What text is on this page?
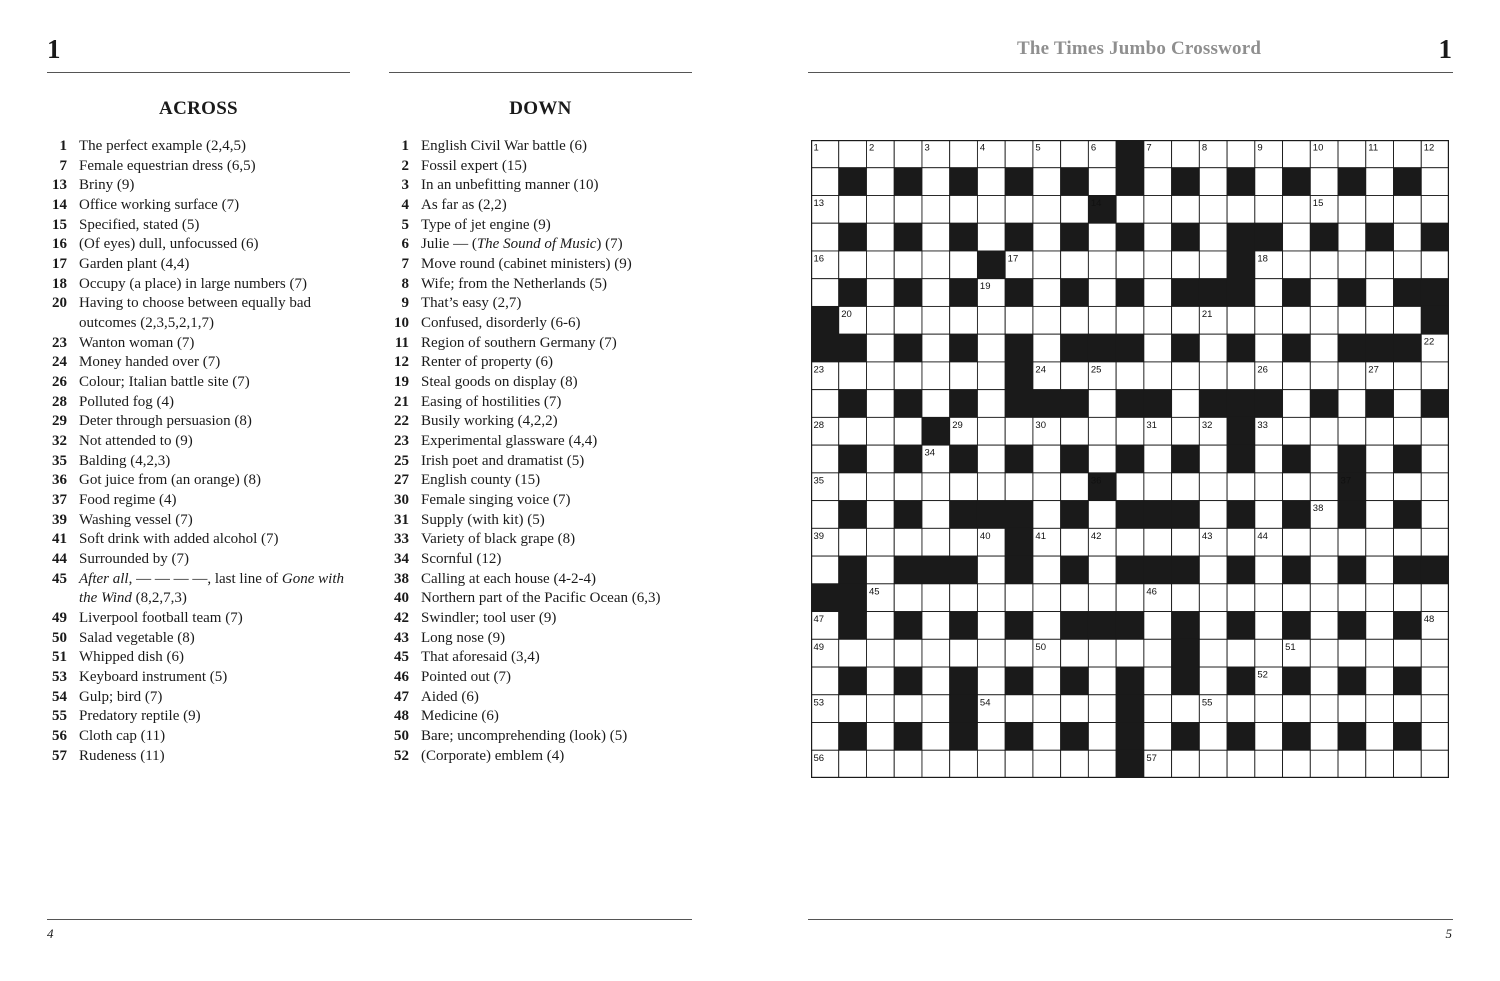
1
ACROSS	DOWN
1 The perfect example (2,4,5)
7 Female equestrian dress (6,5)
13 Briny (9)
14 Office working surface (7)
15 Specified, stated (5)
16 (Of eyes) dull, unfocussed (6)
17 Garden plant (4,4)
18 Occupy (a place) in large numbers (7)
20 Having to choose between equally bad outcomes (2,3,5,2,1,7)
23 Wanton woman (7)
24 Money handed over (7)
26 Colour; Italian battle site (7)
28 Polluted fog (4)
29 Deter through persuasion (8)
32 Not attended to (9)
35 Balding (4,2,3)
36 Got juice from (an orange) (8)
37 Food regime (4)
39 Washing vessel (7)
41 Soft drink with added alcohol (7)
44 Surrounded by (7)
45 After all, — — — —, last line of Gone with the Wind (8,2,7,3)
49 Liverpool football team (7)
50 Salad vegetable (8)
51 Whipped dish (6)
53 Keyboard instrument (5)
54 Gulp; bird (7)
55 Predatory reptile (9)
56 Cloth cap (11)
57 Rudeness (11)
1 English Civil War battle (6)
2 Fossil expert (15)
3 In an unbefitting manner (10)
4 As far as (2,2)
5 Type of jet engine (9)
6 Julie — (The Sound of Music) (7)
7 Move round (cabinet ministers) (9)
8 Wife; from the Netherlands (5)
9 That’s easy (2,7)
10 Confused, disorderly (6-6)
11 Region of southern Germany (7)
12 Renter of property (6)
19 Steal goods on display (8)
21 Easing of hostilities (7)
22 Busily working (4,2,2)
23 Experimental glassware (4,4)
25 Irish poet and dramatist (5)
27 English county (15)
30 Female singing voice (7)
31 Supply (with kit) (5)
33 Variety of black grape (8)
34 Scornful (12)
38 Calling at each house (4-2-4)
40 Northern part of the Pacific Ocean (6,3)
42 Swindler; tool user (9)
43 Long nose (9)
45 That aforesaid (3,4)
46 Pointed out (7)
47 Aided (6)
48 Medicine (6)
50 Bare; uncomprehending (look) (5)
52 (Corporate) emblem (4)
4
The Times Jumbo Crossword	1
1	2	3	4	5	6	7	8	9	10	11	12
13	14	15
16	17	18
19
20	21
22
23	24	25	26	27
28	29	30	31	32	33
34
35	36	37
38
39	40	41	42	43	44
45	46
47	48
49	50	51
52
53	54	55
56	57
5
